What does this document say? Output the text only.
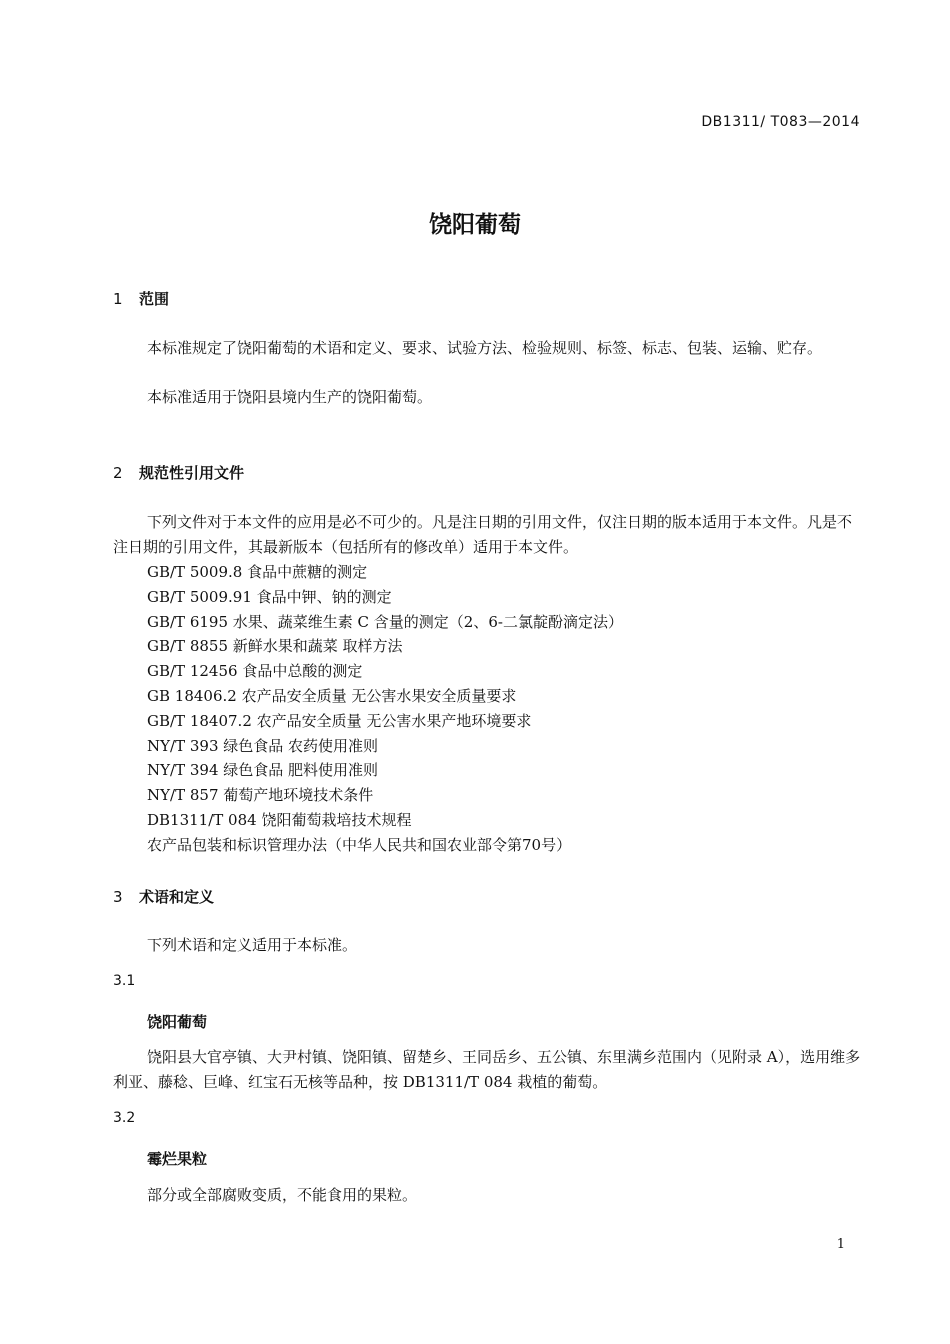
DB1311/ T083—2014
饶阳葡萄
1 范围
本标准规定了饶阳葡萄的术语和定义、要求、试验方法、检验规则、标签、标志、包装、运输、贮存。
本标准适用于饶阳县境内生产的饶阳葡萄。
2 规范性引用文件
下列文件对于本文件的应用是必不可少的。凡是注日期的引用文件，仅注日期的版本适用于本文件。凡是不注日期的引用文件，其最新版本（包括所有的修改单）适用于本文件。
GB/T 5009.8 食品中蔗糖的测定
GB/T 5009.91 食品中钾、钠的测定
GB/T 6195 水果、蔬菜维生素 C 含量的测定（2、6-二氯靛酚滴定法）
GB/T 8855 新鲜水果和蔬菜 取样方法
GB/T 12456 食品中总酸的测定
GB 18406.2 农产品安全质量 无公害水果安全质量要求
GB/T 18407.2 农产品安全质量 无公害水果产地环境要求
NY/T 393 绿色食品 农药使用准则
NY/T 394 绿色食品 肥料使用准则
NY/T 857 葡萄产地环境技术条件
DB1311/T 084 饶阳葡萄栽培技术规程
农产品包装和标识管理办法（中华人民共和国农业部令第70号）
3 术语和定义
下列术语和定义适用于本标准。
3.1
饶阳葡萄
饶阳县大官亭镇、大尹村镇、饶阳镇、留楚乡、王同岳乡、五公镇、东里满乡范围内（见附录 A），选用维多利亚、藤稔、巨峰、红宝石无核等品种，按 DB1311/T 084 栽植的葡萄。
3.2
霉烂果粒
部分或全部腐败变质，不能食用的果粒。
1
